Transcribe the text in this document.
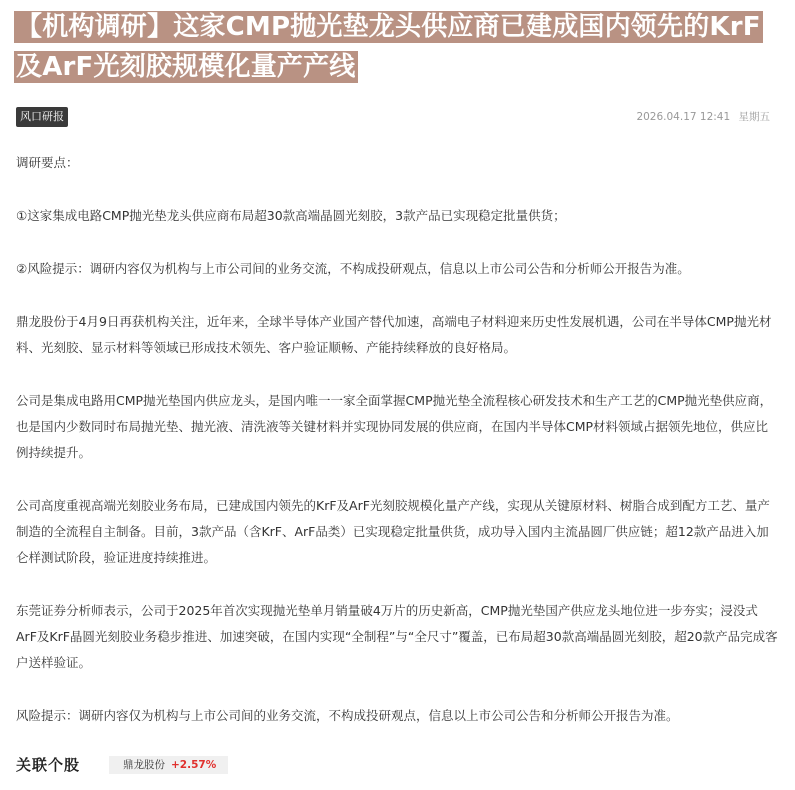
【机构调研】这家CMP抛光垫龙头供应商已建成国内领先的KrF及ArF光刻胶规模化量产产线
风口研报	2026.04.17 12:41 星期五

调研要点：

①这家集成电路CMP抛光垫龙头供应商布局超30款高端晶圆光刻胶，3款产品已实现稳定批量供货；

②风险提示：调研内容仅为机构与上市公司间的业务交流，不构成投研观点，信息以上市公司公告和分析师公开报告为准。

鼎龙股份于4月9日再获机构关注，近年来，全球半导体产业国产替代加速，高端电子材料迎来历史性发展机遇，公司在半导体CMP抛光材料、光刻胶、显示材料等领域已形成技术领先、客户验证顺畅、产能持续释放的良好格局。

公司是集成电路用CMP抛光垫国内供应龙头，是国内唯一一家全面掌握CMP抛光垫全流程核心研发技术和生产工艺的CMP抛光垫供应商，也是国内少数同时布局抛光垫、抛光液、清洗液等关键材料并实现协同发展的供应商，在国内半导体CMP材料领域占据领先地位，供应比例持续提升。

公司高度重视高端光刻胶业务布局，已建成国内领先的KrF及ArF光刻胶规模化量产产线，实现从关键原材料、树脂合成到配方工艺、量产制造的全流程自主制备。目前，3款产品（含KrF、ArF品类）已实现稳定批量供货，成功导入国内主流晶圆厂供应链；超12款产品进入加仑样测试阶段，验证进度持续推进。

东莞证券分析师表示，公司于2025年首次实现抛光垫单月销量破4万片的历史新高，CMP抛光垫国产供应龙头地位进一步夯实；浸没式ArF及KrF晶圆光刻胶业务稳步推进、加速突破，在国内实现“全制程”与“全尺寸”覆盖，已布局超30款高端晶圆光刻胶，超20款产品完成客户送样验证。

风险提示：调研内容仅为机构与上市公司间的业务交流，不构成投研观点，信息以上市公司公告和分析师公开报告为准。

关联个股	鼎龙股份 +2.57%
